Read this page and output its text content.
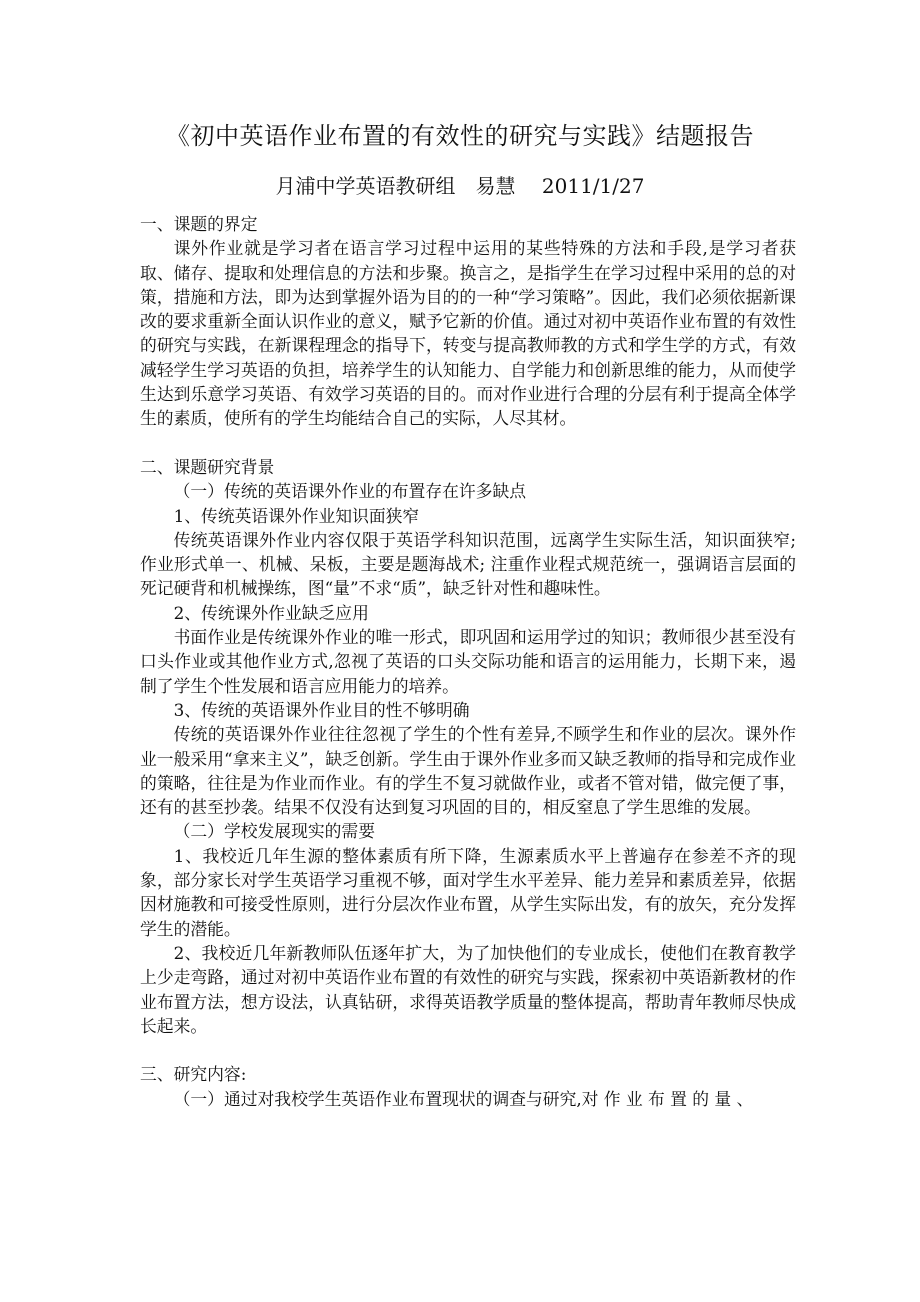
《初中英语作业布置的有效性的研究与实践》结题报告
月浦中学英语教研组　易慧　 2011/1/27

一、课题的界定

课外作业就是学习者在语言学习过程中运用的某些特殊的方法和手段,是学习者获取、储存、提取和处理信息的方法和步聚。换言之，是指学生在学习过程中采用的总的对策，措施和方法，即为达到掌握外语为目的的一种“学习策略”。因此，我们必须依据新课改的要求重新全面认识作业的意义，赋予它新的价值。通过对初中英语作业布置的有效性的研究与实践，在新课程理念的指导下，转变与提高教师教的方式和学生学的方式，有效减轻学生学习英语的负担，培养学生的认知能力、自学能力和创新思维的能力，从而使学生达到乐意学习英语、有效学习英语的目的。而对作业进行合理的分层有利于提高全体学生的素质，使所有的学生均能结合自己的实际，人尽其材。

二、课题研究背景

（一）传统的英语课外作业的布置存在许多缺点

1、传统英语课外作业知识面狭窄

传统英语课外作业内容仅限于英语学科知识范围，远离学生实际生活，知识面狭窄; 作业形式单一、机械、呆板，主要是题海战术; 注重作业程式规范统一，强调语言层面的死记硬背和机械操练，图“量”不求“质”，缺乏针对性和趣味性。

2、传统课外作业缺乏应用

书面作业是传统课外作业的唯一形式，即巩固和运用学过的知识；教师很少甚至没有口头作业或其他作业方式,忽视了英语的口头交际功能和语言的运用能力，长期下来，遏制了学生个性发展和语言应用能力的培养。

3、传统的英语课外作业目的性不够明确

传统的英语课外作业往往忽视了学生的个性有差异,不顾学生和作业的层次。课外作业一般采用“拿来主义”，缺乏创新。学生由于课外作业多而又缺乏教师的指导和完成作业的策略，往往是为作业而作业。有的学生不复习就做作业，或者不管对错，做完便了事，还有的甚至抄袭。结果不仅没有达到复习巩固的目的，相反窒息了学生思维的发展。

（二）学校发展现实的需要

1、我校近几年生源的整体素质有所下降，生源素质水平上普遍存在参差不齐的现象，部分家长对学生英语学习重视不够，面对学生水平差异、能力差异和素质差异，依据因材施教和可接受性原则，进行分层次作业布置，从学生实际出发，有的放矢，充分发挥学生的潜能。

2、我校近几年新教师队伍逐年扩大，为了加快他们的专业成长，使他们在教育教学上少走弯路，通过对初中英语作业布置的有效性的研究与实践，探索初中英语新教材的作业布置方法，想方设法，认真钻研，求得英语教学质量的整体提高，帮助青年教师尽快成长起来。

三、研究内容:

（一）通过对我校学生英语作业布置现状的调查与研究,对 作 业 布 置 的 量 、
